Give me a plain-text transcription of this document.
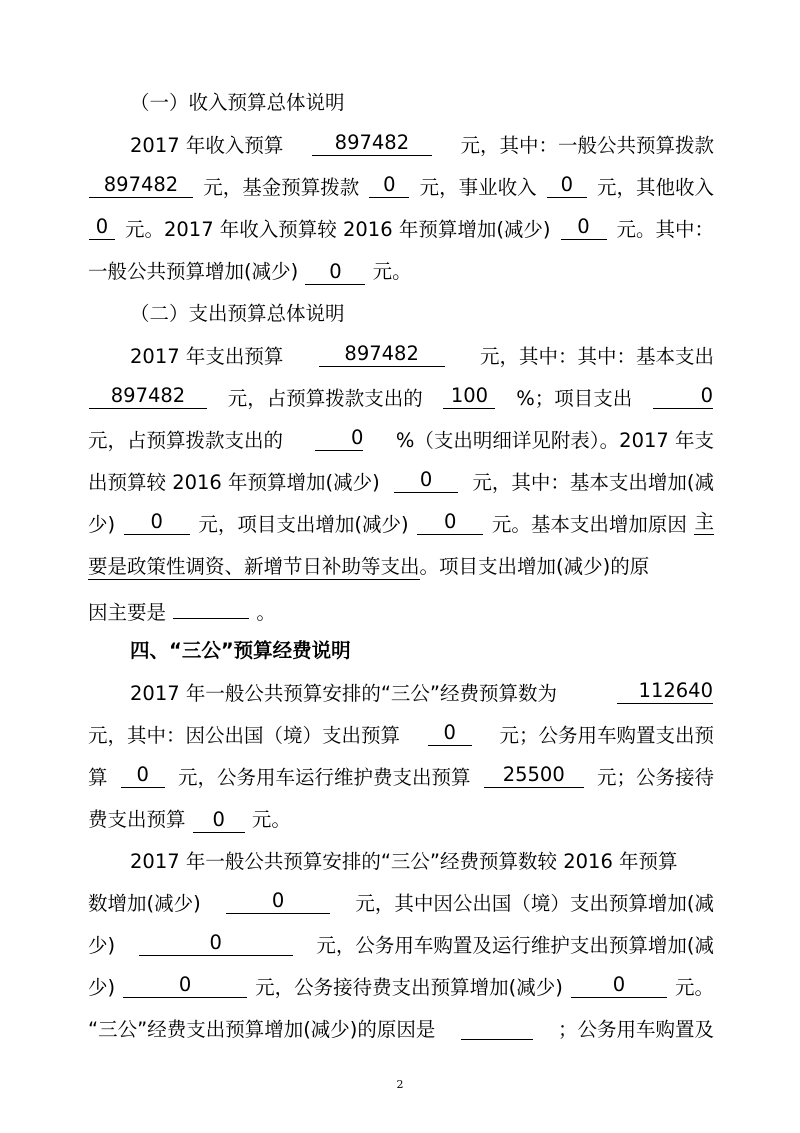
（一）收入预算总体说明
2017 年收入预算	897482	元，其中：一般公共预算拨款
897482	元，基金预算拨款	0	元，事业收入	0	元，其他收入
0 元。2017 年收入预算较 2016 年预算增加(减少)	0	元。其中：
一般公共预算增加(减少) 0 元。
（二）支出预算总体说明
2017 年支出预算	897482	元，其中：其中：基本支出
897482	元，占预算拨款支出的	100	%；项目支出	0
元，占预算拨款支出的	0 %（支出明细详见附表）。2017 年支
出预算较 2016 年预算增加(减少)	0	元，其中：基本支出增加(减
少)	0	元，项目支出增加(减少)	0	元。基本支出增加原因 主
要是政策性调资、新增节日补助等支出。项目支出增加(减少)的原
因主要是	。
四、“三公”预算经费说明
2017 年一般公共预算安排的“三公”经费预算数为	112640
元，其中：因公出国（境）支出预算	0	元；公务用车购置支出预
算	0	元，公务用车运行维护费支出预算	25500	元；公务接待
费支出预算 0 元。
2017 年一般公共预算安排的“三公”经费预算数较 2016 年预算
数增加(减少)	0	元，其中因公出国（境）支出预算增加(减
少)	0	元，公务用车购置及运行维护支出预算增加(减
少)	0	元，公务接待费支出预算增加(减少)	0	元。
“三公”经费支出预算增加(减少)的原因是	；公务用车购置及
2
